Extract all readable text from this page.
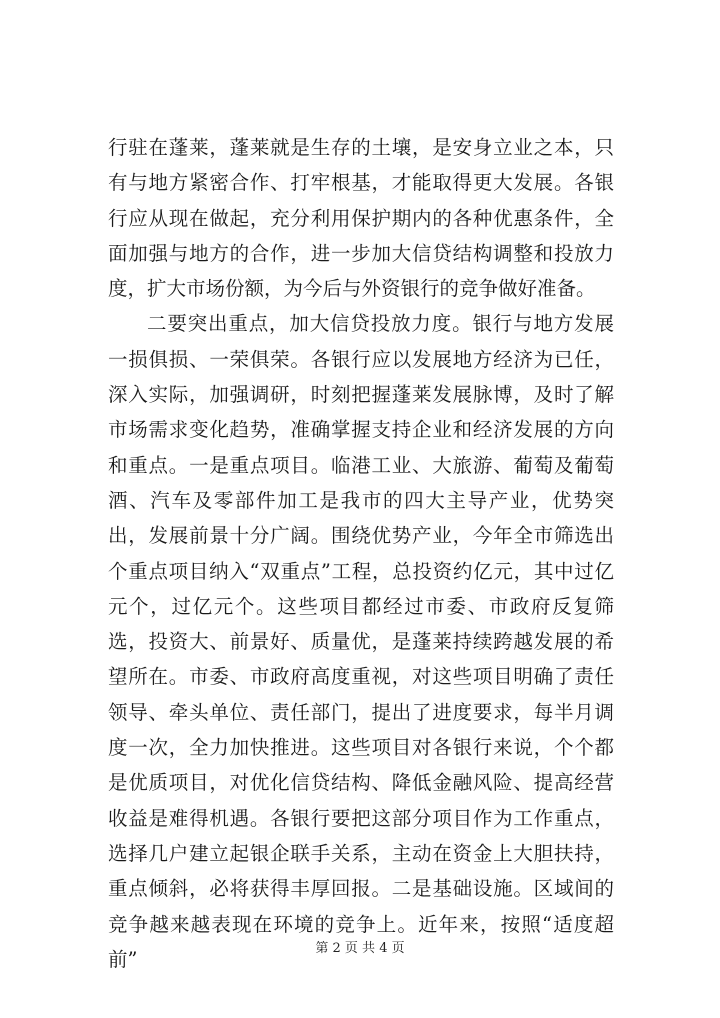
行驻在蓬莱，蓬莱就是生存的土壤，是安身立业之本，只有与地方紧密合作、打牢根基，才能取得更大发展。各银行应从现在做起，充分利用保护期内的各种优惠条件，全面加强与地方的合作，进一步加大信贷结构调整和投放力度，扩大市场份额，为今后与外资银行的竞争做好准备。

二要突出重点，加大信贷投放力度。银行与地方发展一损俱损、一荣俱荣。各银行应以发展地方经济为已任，深入实际，加强调研，时刻把握蓬莱发展脉博，及时了解市场需求变化趋势，准确掌握支持企业和经济发展的方向和重点。一是重点项目。临港工业、大旅游、葡萄及葡萄酒、汽车及零部件加工是我市的四大主导产业，优势突出，发展前景十分广阔。围绕优势产业，今年全市筛选出个重点项目纳入“双重点”工程，总投资约亿元，其中过亿元个，过亿元个。这些项目都经过市委、市政府反复筛选，投资大、前景好、质量优，是蓬莱持续跨越发展的希望所在。市委、市政府高度重视，对这些项目明确了责任领导、牵头单位、责任部门，提出了进度要求，每半月调度一次，全力加快推进。这些项目对各银行来说，个个都是优质项目，对优化信贷结构、降低金融风险、提高经营收益是难得机遇。各银行要把这部分项目作为工作重点，选择几户建立起银企联手关系，主动在资金上大胆扶持，重点倾斜，必将获得丰厚回报。二是基础设施。区域间的竞争越来越表现在环境的竞争上。近年来，按照“适度超前”	第 2 页 共 4 页
